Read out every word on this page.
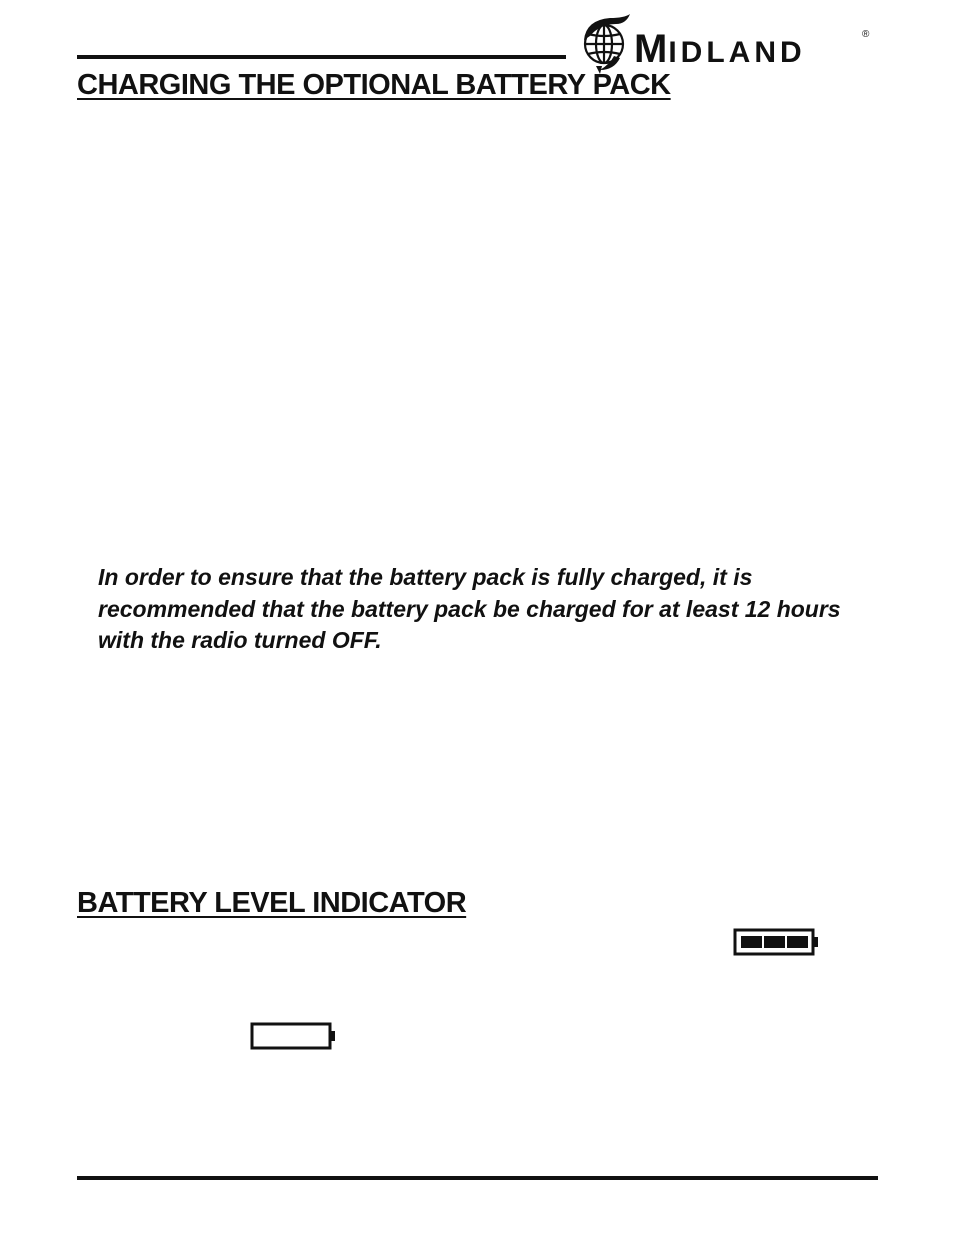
MIDLAND
®
CHARGING THE OPTIONAL BATTERY PACK

In order to ensure that the battery pack is fully charged, it is recommended that the battery pack be charged for at least 12 hours with the radio turned OFF.

BATTERY LEVEL INDICATOR
